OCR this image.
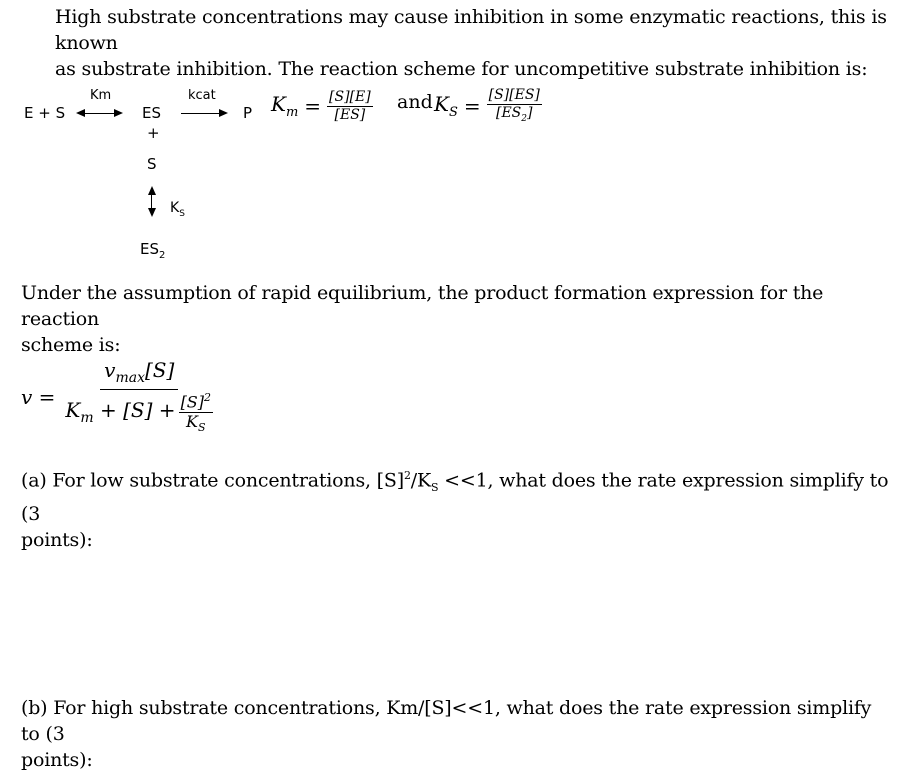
High substrate concentrations may cause inhibition in some enzymatic reactions, this is known
as substrate inhibition. The reaction scheme for uncompetitive substrate inhibition is:
E + S
Km
ES
kcat
P
+
S
$K_S$
$ES_2$
$K_m = \frac{[S][E]}{[ES]}$ and $K_S = \frac{[S][ES]}{[ES_2]}$
Under the assumption of rapid equilibrium, the product formation expression for the reaction
scheme is:
$v = \frac{v_{max}[S]}{K_m + [S] + \frac{[S]^2}{K_S}}$
(a) For low substrate concentrations, $[S]^2/K_S <<1$, what does the rate expression simplify to (3
points):
(b) For high substrate concentrations, Km/[S]<<1, what does the rate expression simplify to (3
points):
